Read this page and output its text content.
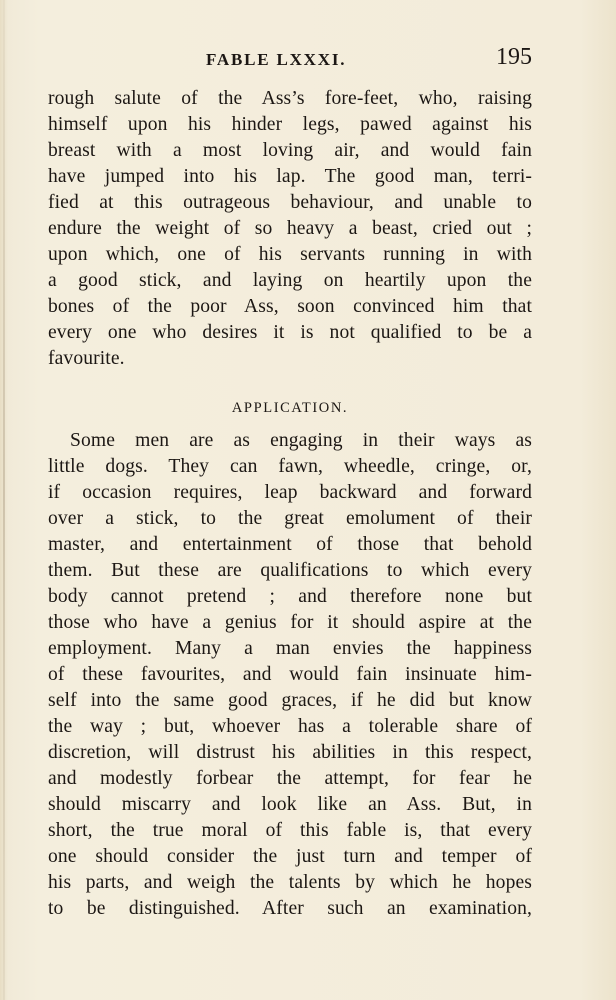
FABLE LXXXI.	195
rough salute of the Ass’s fore-feet, who, raising
himself upon his hinder legs, pawed against his
breast with a most loving air, and would fain
have jumped into his lap. The good man, terri-
fied at this outrageous behaviour, and unable to
endure the weight of so heavy a beast, cried out ;
upon which, one of his servants running in with
a good stick, and laying on heartily upon the
bones of the poor Ass, soon convinced him that
every one who desires it is not qualified to be a
favourite.
APPLICATION.
Some men are as engaging in their ways as
little dogs. They can fawn, wheedle, cringe, or,
if occasion requires, leap backward and forward
over a stick, to the great emolument of their
master, and entertainment of those that behold
them. But these are qualifications to which every
body cannot pretend ; and therefore none but
those who have a genius for it should aspire at the
employment. Many a man envies the happiness
of these favourites, and would fain insinuate him-
self into the same good graces, if he did but know
the way ; but, whoever has a tolerable share of
discretion, will distrust his abilities in this respect,
and modestly forbear the attempt, for fear he
should miscarry and look like an Ass. But, in
short, the true moral of this fable is, that every
one should consider the just turn and temper of
his parts, and weigh the talents by which he hopes
to be distinguished. After such an examination,
